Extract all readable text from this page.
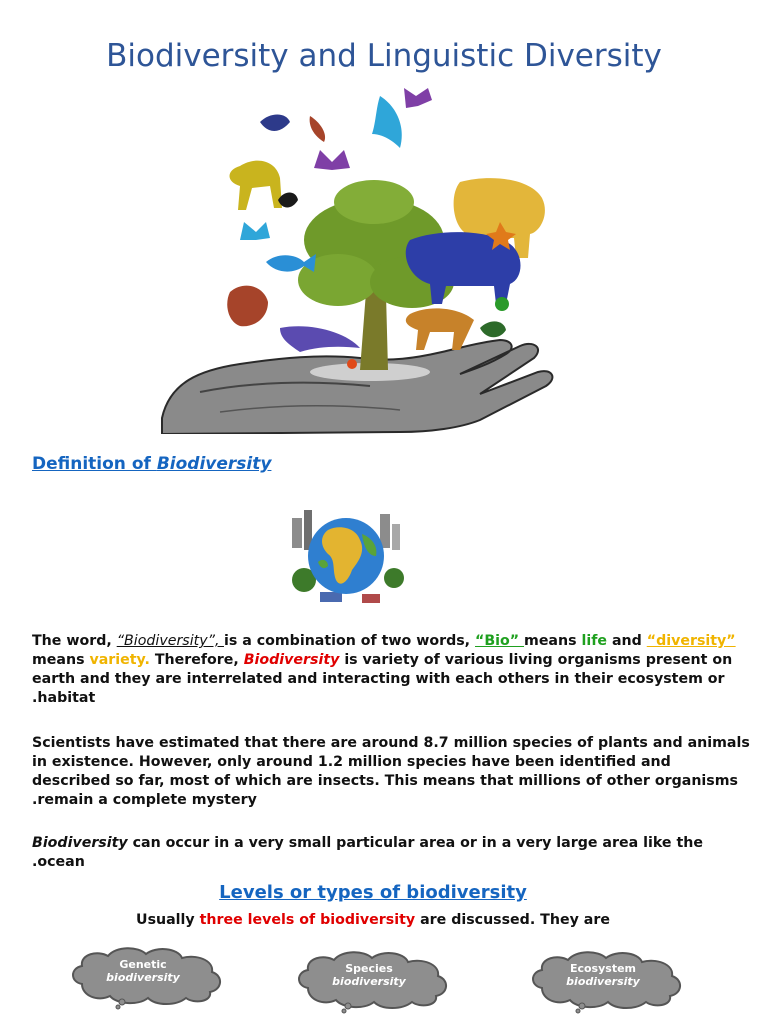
Biodiversity and Linguistic Diversity
Definition of Biodiversity
The word, “Biodiversity”, is a combination of two words, “Bio” means life and “diversity”
means variety. Therefore, Biodiversity is variety of various living organisms present on earth and they are interrelated and interacting with each others in their ecosystem or .habitat
Scientists have estimated that there are around 8.7 million species of plants and animals in existence. However, only around 1.2 million species have been identified and described so far, most of which are insects. This means that millions of other organisms .remain a complete mystery
Biodiversity can occur in a very small particular area or in a very large area like the .ocean
Levels or types of biodiversity
Usually three levels of biodiversity are discussed. They are
Genetic
biodiversity
Species
biodiversity
Ecosystem
biodiversity
